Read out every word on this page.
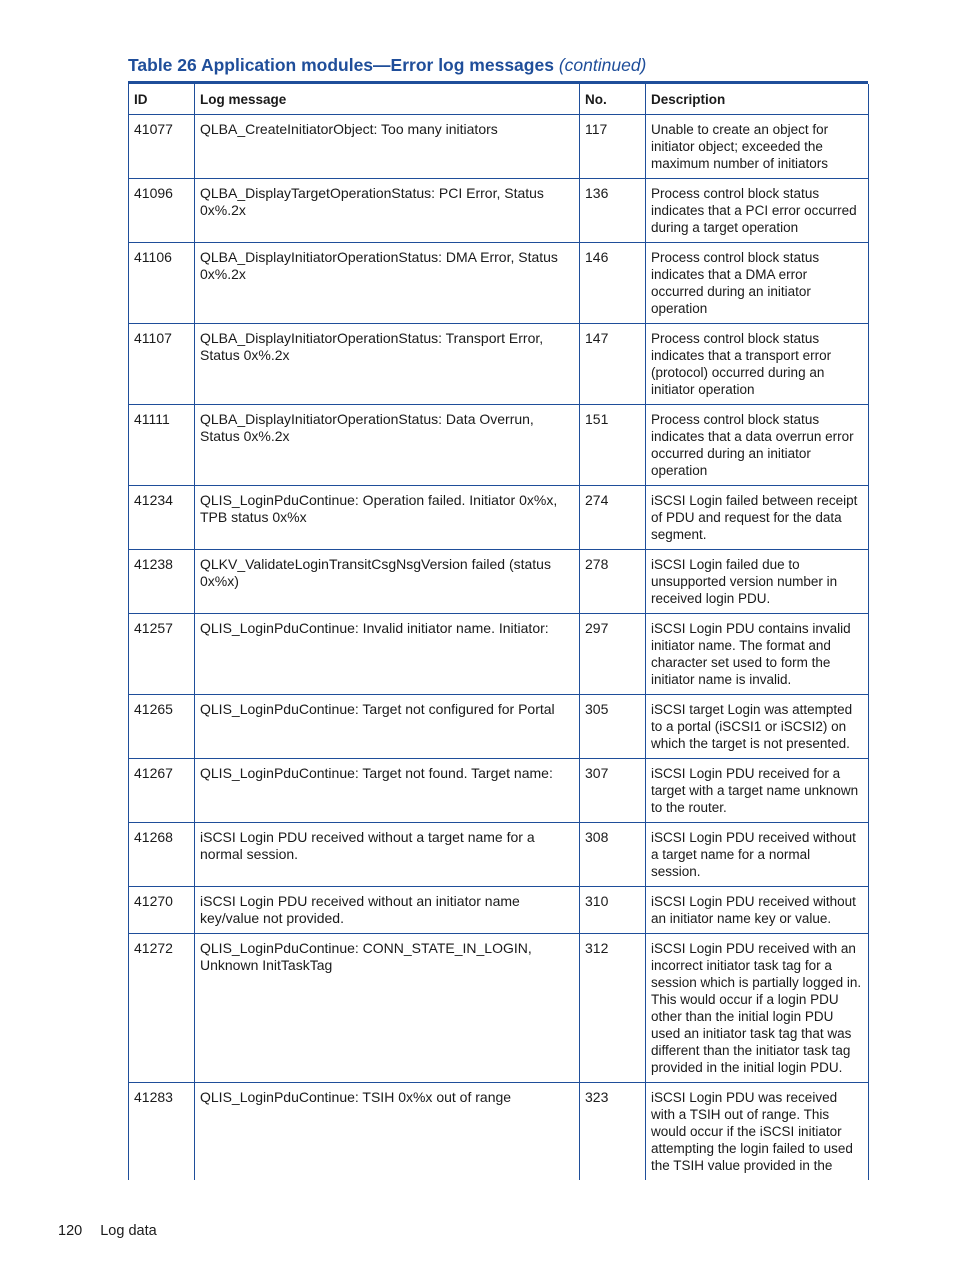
Table 26 Application modules—Error log messages (continued)
ID	Log message	No.	Description
41077	QLBA_CreateInitiatorObject: Too many initiators	117	Unable to create an object for initiator object; exceeded the maximum number of initiators
41096	QLBA_DisplayTargetOperationStatus: PCI Error, Status 0x%.2x	136	Process control block status indicates that a PCI error occurred during a target operation
41106	QLBA_DisplayInitiatorOperationStatus: DMA Error, Status 0x%.2x	146	Process control block status indicates that a DMA error occurred during an initiator operation
41107	QLBA_DisplayInitiatorOperationStatus: Transport Error, Status 0x%.2x	147	Process control block status indicates that a transport error (protocol) occurred during an initiator operation
41111	QLBA_DisplayInitiatorOperationStatus: Data Overrun, Status 0x%.2x	151	Process control block status indicates that a data overrun error occurred during an initiator operation
41234	QLIS_LoginPduContinue: Operation failed. Initiator 0x%x, TPB status 0x%x	274	iSCSI Login failed between receipt of PDU and request for the data segment.
41238	QLKV_ValidateLoginTransitCsgNsgVersion failed (status 0x%x)	278	iSCSI Login failed due to unsupported version number in received login PDU.
41257	QLIS_LoginPduContinue: Invalid initiator name. Initiator:	297	iSCSI Login PDU contains invalid initiator name. The format and character set used to form the initiator name is invalid.
41265	QLIS_LoginPduContinue: Target not configured for Portal	305	iSCSI target Login was attempted to a portal (iSCSI1 or iSCSI2) on which the target is not presented.
41267	QLIS_LoginPduContinue: Target not found. Target name:	307	iSCSI Login PDU received for a target with a target name unknown to the router.
41268	iSCSI Login PDU received without a target name for a normal session.	308	iSCSI Login PDU received without a target name for a normal session.
41270	iSCSI Login PDU received without an initiator name key/value not provided.	310	iSCSI Login PDU received without an initiator name key or value.
41272	QLIS_LoginPduContinue: CONN_STATE_IN_LOGIN, Unknown InitTaskTag	312	iSCSI Login PDU received with an incorrect initiator task tag for a session which is partially logged in. This would occur if a login PDU other than the initial login PDU used an initiator task tag that was different than the initiator task tag provided in the initial login PDU.
41283	QLIS_LoginPduContinue: TSIH 0x%x out of range	323	iSCSI Login PDU was received with a TSIH out of range. This would occur if the iSCSI initiator attempting the login failed to used the TSIH value provided in the
120 Log data
